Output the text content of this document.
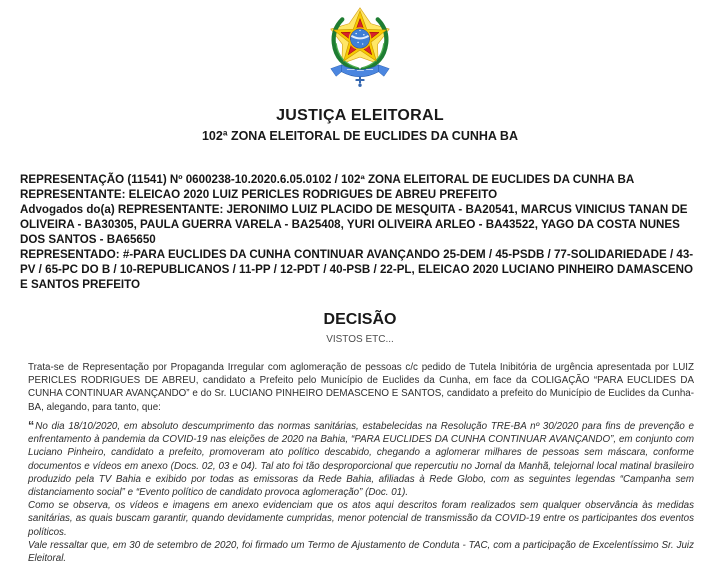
JUSTIÇA ELEITORAL
102ª ZONA ELEITORAL DE EUCLIDES DA CUNHA BA

REPRESENTAÇÃO (11541) Nº 0600238-10.2020.6.05.0102 / 102ª ZONA ELEITORAL DE EUCLIDES DA CUNHA BA

REPRESENTANTE: ELEICAO 2020 LUIZ PERICLES RODRIGUES DE ABREU PREFEITO

Advogados do(a) REPRESENTANTE: JERONIMO LUIZ PLACIDO DE MESQUITA - BA20541, MARCUS VINICIUS TANAN DE OLIVEIRA - BA30305, PAULA GUERRA VARELA - BA25408, YURI OLIVEIRA ARLEO - BA43522, YAGO DA COSTA NUNES DOS SANTOS - BA65650

REPRESENTADO: #-PARA EUCLIDES DA CUNHA CONTINUAR AVANÇANDO 25-DEM / 45-PSDB / 77-SOLIDARIEDADE / 43-PV / 65-PC DO B / 10-REPUBLICANOS / 11-PP / 12-PDT / 40-PSB / 22-PL, ELEICAO 2020 LUCIANO PINHEIRO DAMASCENO E SANTOS PREFEITO

DECISÃO
VISTOS ETC...

Trata-se de Representação por Propaganda Irregular com aglomeração de pessoas c/c pedido de Tutela Inibitória de urgência apresentada por LUIZ PERICLES RODRIGUES DE ABREU, candidato a Prefeito pelo Município de Euclides da Cunha, em face da COLIGAÇÃO “PARA EUCLIDES DA CUNHA CONTINUAR AVANÇANDO” e do Sr. LUCIANO PINHEIRO DEMASCENO E SANTOS, candidato a prefeito do Município de Euclides da Cunha-BA, alegando, para tanto, que:

“No dia 18/10/2020, em absoluto descumprimento das normas sanitárias, estabelecidas na Resolução TRE-BA nº 30/2020 para fins de prevenção e enfrentamento à pandemia da COVID-19 nas eleições de 2020 na Bahia, “PARA EUCLIDES DA CUNHA CONTINUAR AVANÇANDO”, em conjunto com Luciano Pinheiro, candidato a prefeito, promoveram ato político descabido, chegando a aglomerar milhares de pessoas sem máscara, conforme documentos e vídeos em anexo (Docs. 02, 03 e 04). Tal ato foi tão desproporcional que repercutiu no Jornal da Manhã, telejornal local matinal brasileiro produzido pela TV Bahia e exibido por todas as emissoras da Rede Bahia, afiliadas à Rede Globo, com as seguintes legendas “Campanha sem distanciamento social” e “Evento político de candidato provoca aglomeração” (Doc. 01).

Como se observa, os vídeos e imagens em anexo evidenciam que os atos aqui descritos foram realizados sem qualquer observância às medidas sanitárias, as quais buscam garantir, quando devidamente cumpridas, menor potencial de transmissão da COVID-19 entre os participantes dos eventos políticos.

Vale ressaltar que, em 30 de setembro de 2020, foi firmado um Termo de Ajustamento de Conduta - TAC, com a participação de Excelentíssimo Sr. Juiz Eleitoral.
